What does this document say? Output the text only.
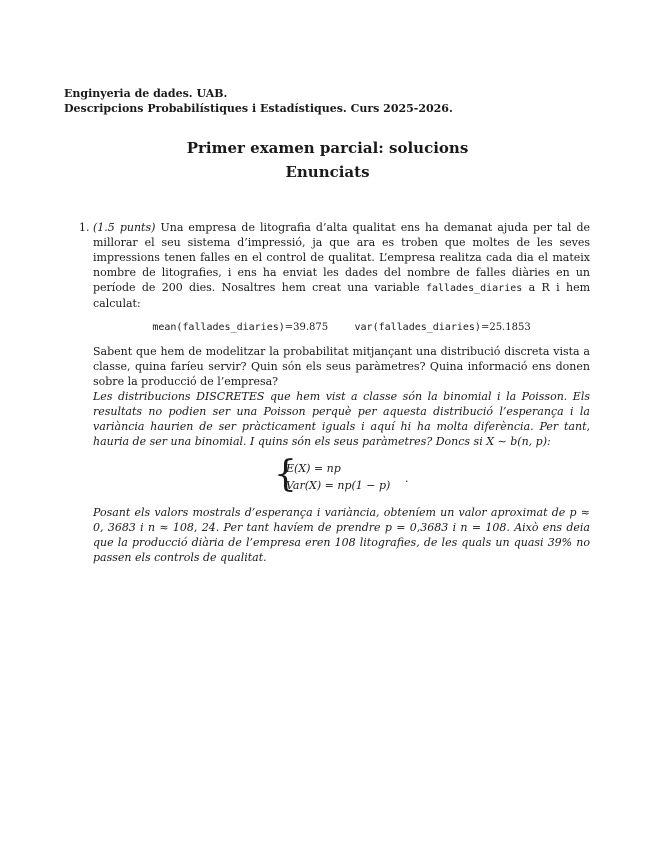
Enginyeria de dades. UAB.
Descripcions Probabilístiques i Estadístiques. Curs 2025-2026.
Primer examen parcial: solucions
Enunciats
1. (1.5 punts) Una empresa de litografia d’alta qualitat ens ha demanat ajuda per tal de millorar el seu sistema d’impressió, ja que ara es troben que moltes de les seves impressions tenen falles en el control de qualitat. L’empresa realitza cada dia el mateix nombre de litografies, i ens ha enviat les dades del nombre de falles diàries en un període de 200 dies. Nosaltres hem creat una variable fallades_diaries a R i hem calculat:

mean(fallades_diaries)=39.875	var(fallades_diaries)=25.1853

Sabent que hem de modelitzar la probabilitat mitjançant una distribució discreta vista a classe, quina faríeu servir? Quin són els seus paràmetres? Quina informació ens donen sobre la producció de l’empresa?

Les distribucions DISCRETES que hem vist a classe són la binomial i la Poisson. Els resultats no podien ser una Poisson perquè per aquesta distribució l’esperança i la variància haurien de ser pràcticament iguals i aquí hi ha molta diferència. Per tant, hauria de ser una binomial. I quins són els seus paràmetres? Doncs si X ∼ b(n, p):

{
E(X) = np
Var(X) = np(1 − p)
.

Posant els valors mostrals d’esperança i variància, obteníem un valor aproximat de p ≈ 0, 3683 i n ≈ 108, 24. Per tant havíem de prendre p = 0,3683 i n = 108. Això ens deia que la producció diària de l’empresa eren 108 litografies, de les quals un quasi 39% no passen els controls de qualitat.
